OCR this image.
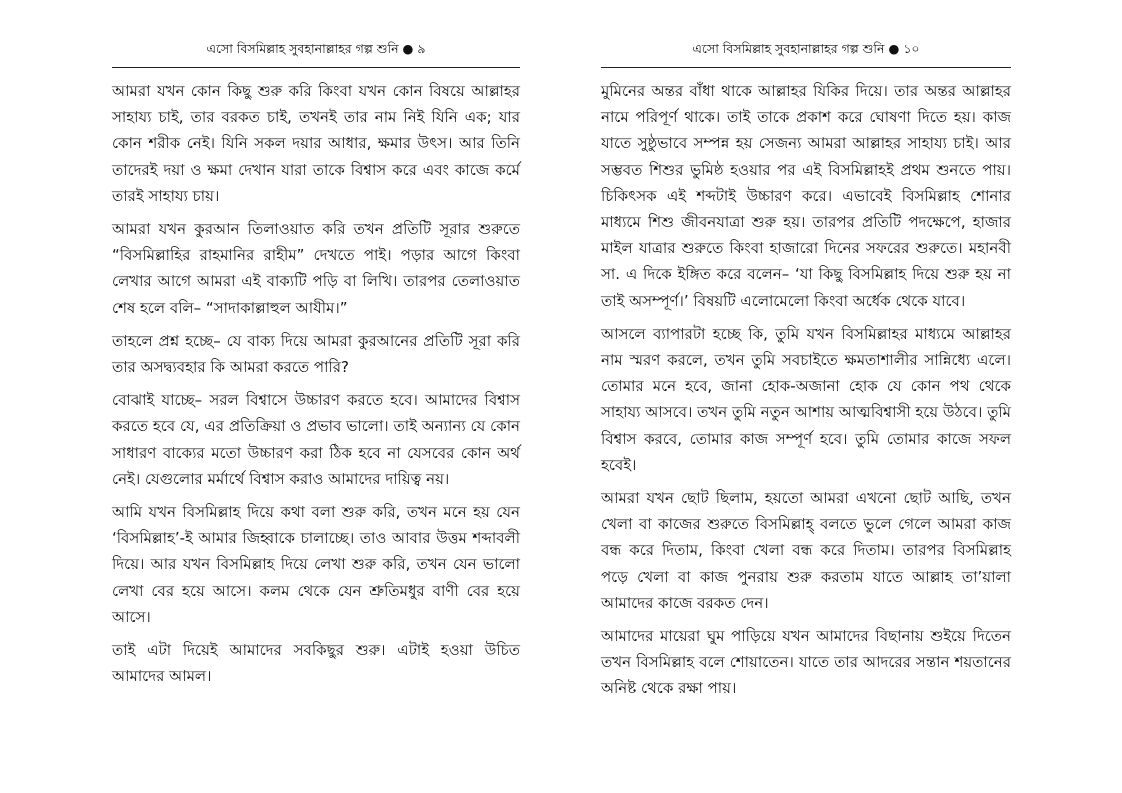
এসো বিসমিল্লাহ সুবহানাল্লাহর গল্প শুনি ● ৯

আমরা যখন কোন কিছু শুরু করি কিংবা যখন কোন বিষয়ে আল্লাহর সাহায্য চাই, তার বরকত চাই, তখনই তার নাম নিই যিনি এক; যার কোন শরীক নেই। যিনি সকল দয়ার আধার, ক্ষমার উৎস। আর তিনি তাদেরই দয়া ও ক্ষমা দেখান যারা তাকে বিশ্বাস করে এবং কাজে কর্মে তারই সাহায্য চায়।

আমরা যখন কুরআন তিলাওয়াত করি তখন প্রতিটি সূরার শুরুতে “বিসমিল্লাহির রাহমানির রাহীম” দেখতে পাই। পড়ার আগে কিংবা লেখার আগে আমরা এই বাক্যটি পড়ি বা লিখি। তারপর তেলাওয়াত শেষ হলে বলি– “সাদাকাল্লাহুল আযীম।”

তাহলে প্রশ্ন হচ্ছে– যে বাক্য দিয়ে আমরা কুরআনের প্রতিটি সূরা করি তার অসদ্ব্যবহার কি আমরা করতে পারি?

বোঝাই যাচ্ছে– সরল বিশ্বাসে উচ্চারণ করতে হবে। আমাদের বিশ্বাস করতে হবে যে, এর প্রতিক্রিয়া ও প্রভাব ভালো। তাই অন্যান্য যে কোন সাধারণ বাক্যের মতো উচ্চারণ করা ঠিক হবে না যেসবের কোন অর্থ নেই। যেগুলোর মর্মার্থে বিশ্বাস করাও আমাদের দায়িত্ব নয়।

আমি যখন বিসমিল্লাহ দিয়ে কথা বলা শুরু করি, তখন মনে হয় যেন ‘বিসমিল্লাহ’-ই আমার জিহ্বাকে চালাচ্ছে। তাও আবার উত্তম শব্দাবলী দিয়ে। আর যখন বিসমিল্লাহ দিয়ে লেখা শুরু করি, তখন যেন ভালো লেখা বের হয়ে আসে। কলম থেকে যেন শ্রুতিমধুর বাণী বের হয়ে আসে।

তাই এটা দিয়েই আমাদের সবকিছুর শুরু। এটাই হওয়া উচিত আমাদের আমল।

এসো বিসমিল্লাহ সুবহানাল্লাহর গল্প শুনি ● ১০

মুমিনের অন্তর বাঁধা থাকে আল্লাহর যিকির দিয়ে। তার অন্তর আল্লাহর নামে পরিপূর্ণ থাকে। তাই তাকে প্রকাশ করে ঘোষণা দিতে হয়। কাজ যাতে সুষ্ঠুভাবে সম্পন্ন হয় সেজন্য আমরা আল্লাহর সাহায্য চাই। আর সম্ভবত শিশুর ভুমিষ্ঠ হওয়ার পর এই বিসমিল্লাহই প্রথম শুনতে পায়। চিকিৎসক এই শব্দটাই উচ্চারণ করে। এভাবেই বিসমিল্লাহ শোনার মাধ্যমে শিশু জীবনযাত্রা শুরু হয়। তারপর প্রতিটি পদক্ষেপে, হাজার মাইল যাত্রার শুরুতে কিংবা হাজারো দিনের সফরের শুরুতে। মহানবী সা. এ দিকে ইঙ্গিত করে বলেন– ‘যা কিছু বিসমিল্লাহ দিয়ে শুরু হয় না তাই অসম্পূর্ণ।’ বিষয়টি এলোমেলো কিংবা অর্ধেক থেকে যাবে।

আসলে ব্যাপারটা হচ্ছে কি, তুমি যখন বিসমিল্লাহর মাধ্যমে আল্লাহর নাম স্মরণ করলে, তখন তুমি সবচাইতে ক্ষমতাশালীর সান্নিধ্যে এলে। তোমার মনে হবে, জানা হোক-অজানা হোক যে কোন পথ থেকে সাহায্য আসবে। তখন তুমি নতুন আশায় আত্মবিশ্বাসী হয়ে উঠবে। তুমি বিশ্বাস করবে, তোমার কাজ সম্পূর্ণ হবে। তুমি তোমার কাজে সফল হবেই।

আমরা যখন ছোট ছিলাম, হয়তো আমরা এখনো ছোট আছি, তখন খেলা বা কাজের শুরুতে বিসমিল্লাহ্ বলতে ভুলে গেলে আমরা কাজ বন্ধ করে দিতাম, কিংবা খেলা বন্ধ করে দিতাম। তারপর বিসমিল্লাহ পড়ে খেলা বা কাজ পুনরায় শুরু করতাম যাতে আল্লাহ তা’য়ালা আমাদের কাজে বরকত দেন।

আমাদের মায়েরা ঘুম পাড়িয়ে যখন আমাদের বিছানায় শুইয়ে দিতেন তখন বিসমিল্লাহ বলে শোয়াতেন। যাতে তার আদরের সন্তান শয়তানের অনিষ্ট থেকে রক্ষা পায়।
